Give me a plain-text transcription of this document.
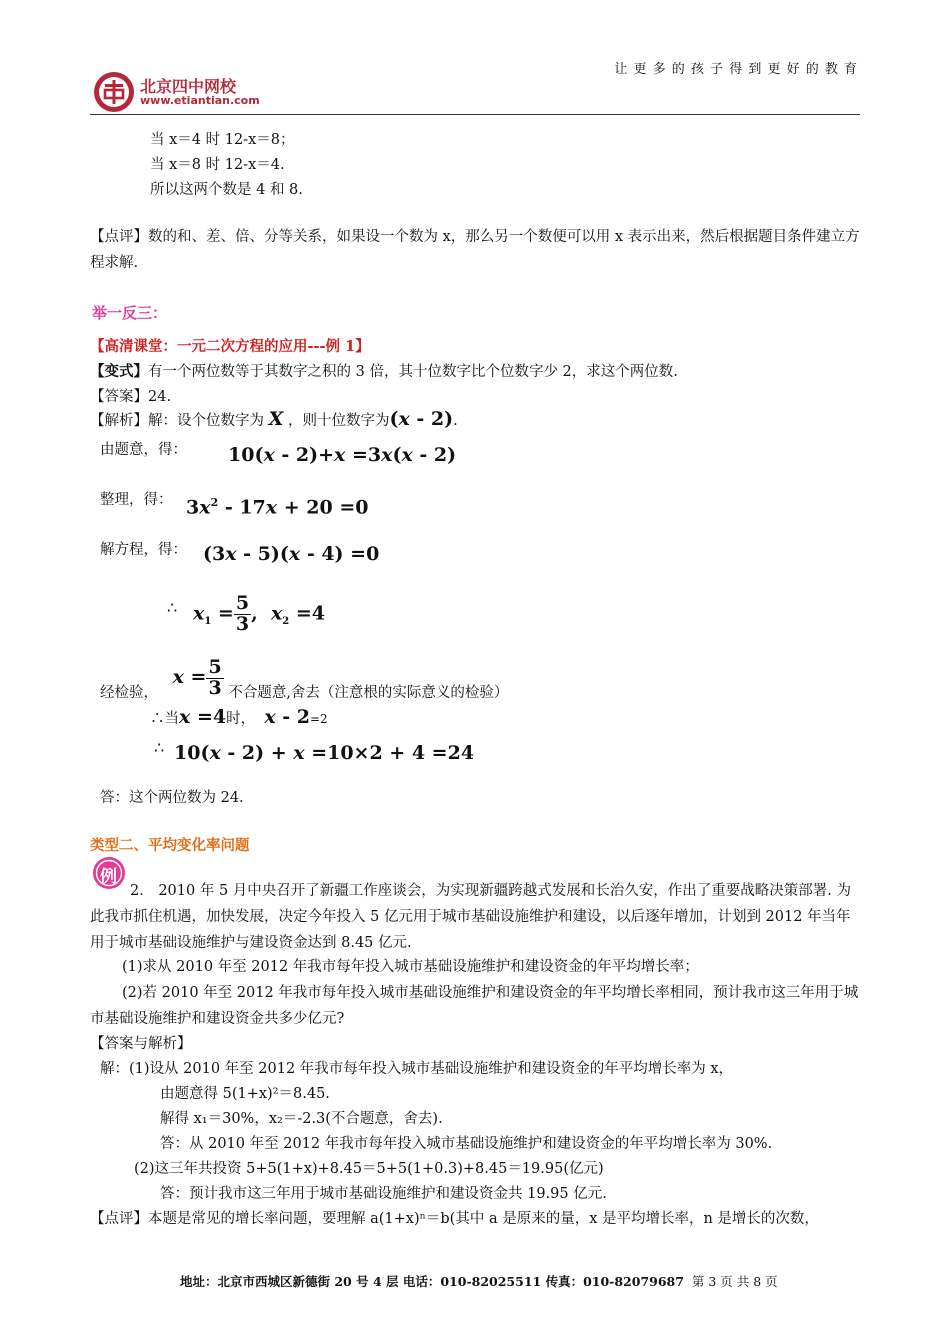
让 更 多 的 孩 子 得 到 更 好 的 教 育
北京四中网校
www.etiantian.com
当 x＝4 时 12-x＝8；
当 x＝8 时 12-x＝4.
所以这两个数是 4 和 8.
【点评】数的和、差、倍、分等关系，如果设一个数为 x，那么另一个数便可以用 x 表示出来，然后根据题目条件建立方程求解.
举一反三：
【高清课堂：一元二次方程的应用---例 1】
【变式】有一个两位数等于其数字之积的 3 倍，其十位数字比个位数字少 2，求这个两位数.
【答案】24.
【解析】解：设个位数字为 X ，则十位数字为(x - 2).
由题意，得： 10(x - 2)+x =3x(x - 2)
整理，得： $3x^2 - 17x + 20 =0$
解方程，得： (3x - 5)(x - 4) =0
∴ $x_1 = \frac{5}{3}$ ,  $x_2 =4$
经检验， $x = \frac{5}{3}$ 不合题意,舍去（注意根的实际意义的检验）
∴当x =4时， x - 2=2
∴ 10(x - 2) + x =10×2 + 4 =24
答：这个两位数为 24.
类型二、平均变化率问题
例
2． 2010 年 5 月中央召开了新疆工作座谈会，为实现新疆跨越式发展和长治久安，作出了重要战略决策部署. 为此我市抓住机遇，加快发展，决定今年投入 5 亿元用于城市基础设施维护和建设，以后逐年增加，计划到 2012 年当年用于城市基础设施维护与建设资金达到 8.45 亿元.
(1)求从 2010 年至 2012 年我市每年投入城市基础设施维护和建设资金的年平均增长率；
(2)若 2010 年至 2012 年我市每年投入城市基础设施维护和建设资金的年平均增长率相同，预计我市这三年用于城市基础设施维护和建设资金共多少亿元?
【答案与解析】
解：(1)设从 2010 年至 2012 年我市每年投入城市基础设施维护和建设资金的年平均增长率为 x，
由题意得 5(1+x)²＝8.45.
解得 x₁＝30%，x₂＝-2.3(不合题意，舍去).
答：从 2010 年至 2012 年我市每年投入城市基础设施维护和建设资金的年平均增长率为 30%.
(2)这三年共投资 5+5(1+x)+8.45＝5+5(1+0.3)+8.45＝19.95(亿元)
答：预计我市这三年用于城市基础设施维护和建设资金共 19.95 亿元.
【点评】本题是常见的增长率问题，要理解 a(1+x)ⁿ＝b(其中 a 是原来的量，x 是平均增长率，n 是增长的次数，
地址：北京市西城区新德街 20 号 4 层 电话：010-82025511 传真：010-82079687 第 3 页 共 8 页
